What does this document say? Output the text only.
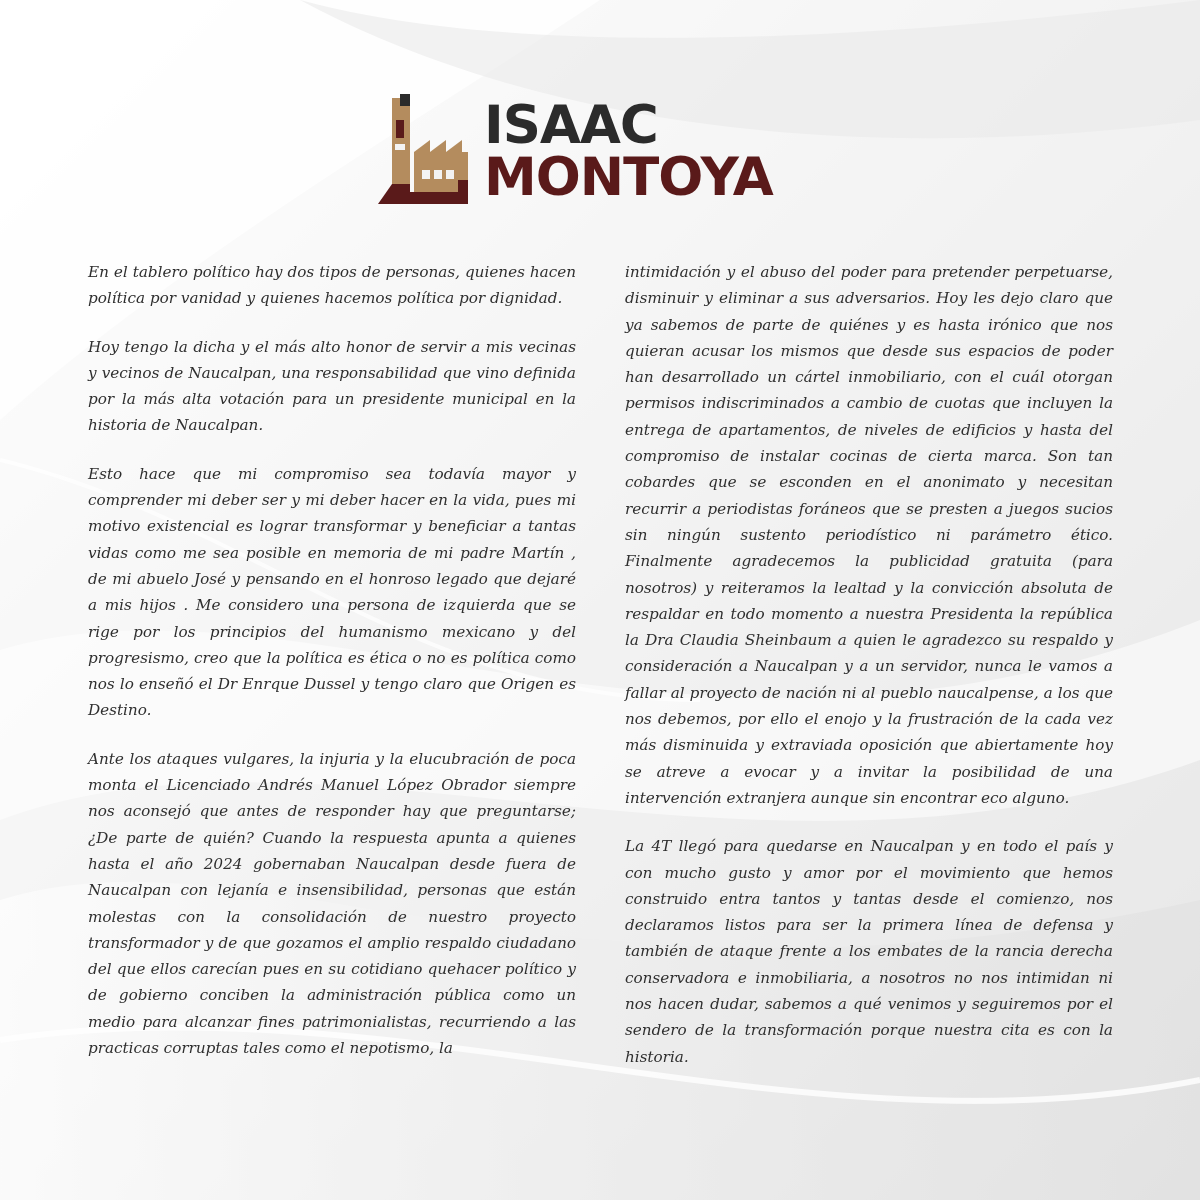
ISAAC
MONTOYA

En el tablero político hay dos tipos de personas, quienes hacen política por vanidad y quienes hacemos política por dignidad.

Hoy tengo la dicha y el más alto honor de servir a mis vecinas y vecinos de Naucalpan, una responsabilidad que vino definida por la más alta votación para un presidente municipal en la historia de Naucalpan.

Esto hace que mi compromiso sea todavía mayor y comprender mi deber ser y mi deber hacer en la vida, pues mi motivo existencial es lograr transformar y beneficiar a tantas vidas como me sea posible en memoria de mi padre Martín , de mi abuelo José y pensando en el honroso legado que dejaré a mis hijos . Me considero una persona de izquierda que se rige por los principios del humanismo mexicano y del progresismo, creo que la política es ética o no es política como nos lo enseñó el Dr Enrque Dussel y tengo claro que Origen es Destino.

Ante los ataques vulgares, la injuria y la elucubración de poca monta el Licenciado Andrés Manuel López Obrador siempre nos aconsejó que antes de responder hay que preguntarse; ¿De parte de quién? Cuando la respuesta apunta a quienes hasta el año 2024 gobernaban Naucalpan desde fuera de Naucalpan con lejanía e insensibilidad, personas que están molestas con la consolidación de nuestro proyecto transformador y de que gozamos el amplio respaldo ciudadano del que ellos carecían pues en su cotidiano quehacer político y de gobierno conciben la administración pública como un medio para alcanzar fines patrimonialistas, recurriendo a las practicas corruptas tales como el nepotismo, la

intimidación y el abuso del poder para pretender perpetuarse, disminuir y eliminar a sus adversarios. Hoy les dejo claro que ya sabemos de parte de quiénes y es hasta irónico que nos quieran acusar los mismos que desde sus espacios de poder han desarrollado un cártel inmobiliario, con el cuál otorgan permisos indiscriminados a cambio de cuotas que incluyen la entrega de apartamentos, de niveles de edificios y hasta del compromiso de instalar cocinas de cierta marca. Son tan cobardes que se esconden en el anonimato y necesitan recurrir a periodistas foráneos que se presten a juegos sucios sin ningún sustento periodístico ni parámetro ético. Finalmente agradecemos la publicidad gratuita (para nosotros) y reiteramos la lealtad y la convicción absoluta de respaldar en todo momento a nuestra Presidenta la república la Dra Claudia Sheinbaum a quien le agradezco su respaldo y consideración a Naucalpan y a un servidor, nunca le vamos a fallar al proyecto de nación ni al pueblo naucalpense, a los que nos debemos, por ello el enojo y la frustración de la cada vez más disminuida y extraviada oposición que abiertamente hoy se atreve a evocar y a invitar la posibilidad de una intervención extranjera aunque sin encontrar eco alguno.

La 4T llegó para quedarse en Naucalpan y en todo el país y con mucho gusto y amor por el movimiento que hemos construido entra tantos y tantas desde el comienzo, nos declaramos listos para ser la primera línea de defensa y también de ataque frente a los embates de la rancia derecha conservadora e inmobiliaria, a nosotros no nos intimidan ni nos hacen dudar, sabemos a qué venimos y seguiremos por el sendero de la transformación porque nuestra cita es con la historia.
